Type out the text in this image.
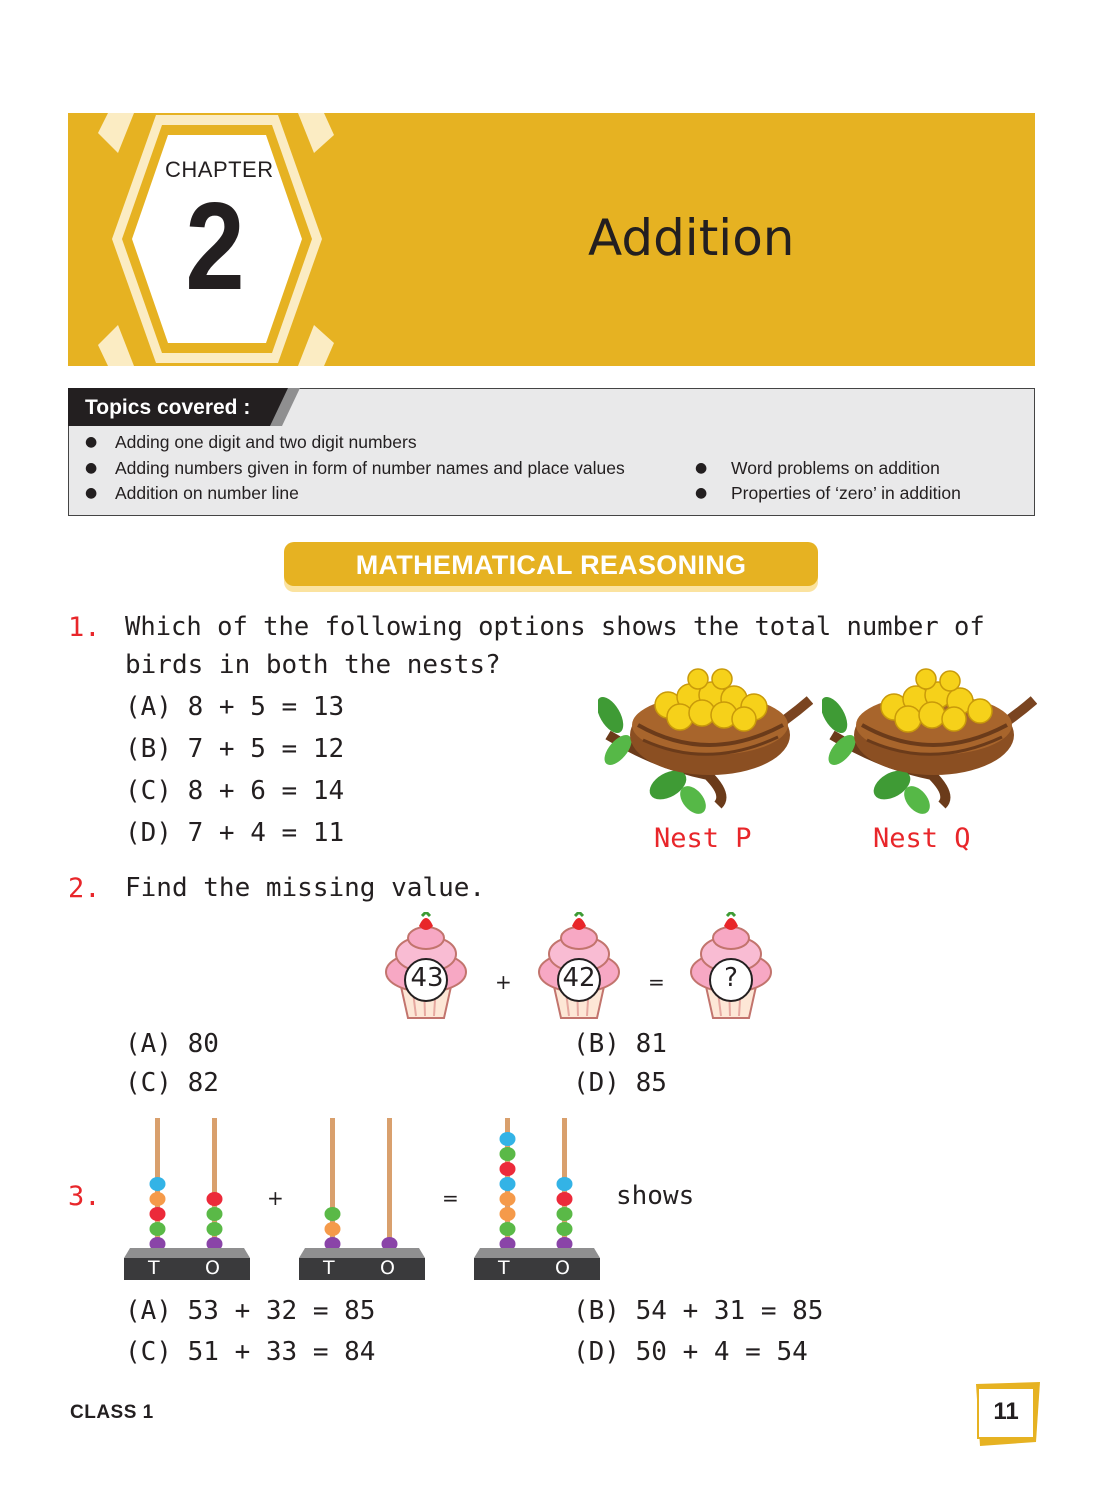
CHAPTER
2	Addition
Topics covered :
● Adding one digit and two digit numbers
● Adding numbers given in form of number names and place values
● Addition on number line
● Word problems on addition
● Properties of ‘zero’ in addition
MATHEMATICAL REASONING
1. Which of the following options shows the total number of
birds in both the nests?
(A) 8 + 5 = 13
(B) 7 + 5 = 12
(C) 8 + 6 = 14
(D) 7 + 4 = 11	Nest P	Nest Q
2. Find the missing value.
43	+ 42	=	?
(A) 80	(B) 81
(C) 82	(D) 85
3.
T O
+
T O
=
T O
shows
(A) 53 + 32 = 85	(B) 54 + 31 = 85
(C) 51 + 33 = 84	(D) 50 + 4 = 54
CLASS 1	11
